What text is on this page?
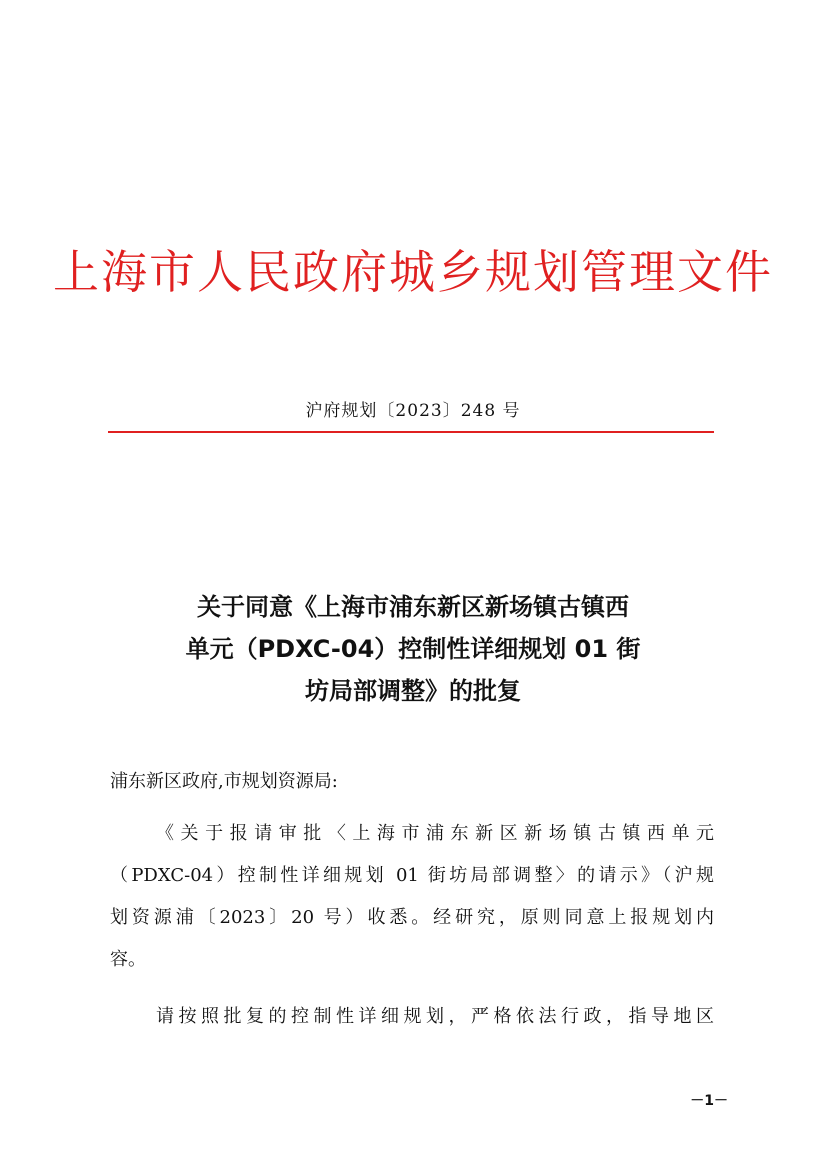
上海市人民政府城乡规划管理文件
沪府规划〔2023〕248 号
关于同意《上海市浦东新区新场镇古镇西
单元（PDXC-04）控制性详细规划 01 街
坊局部调整》的批复
浦东新区政府,市规划资源局:
《关于报请审批〈上海市浦东新区新场镇古镇西单元
（PDXC-04）控制性详细规划 01 街坊局部调整〉的请示》（沪规
划资源浦〔2023〕20 号）收悉。经研究，原则同意上报规划内
容。
请按照批复的控制性详细规划，严格依法行政，指导地区
－1－
